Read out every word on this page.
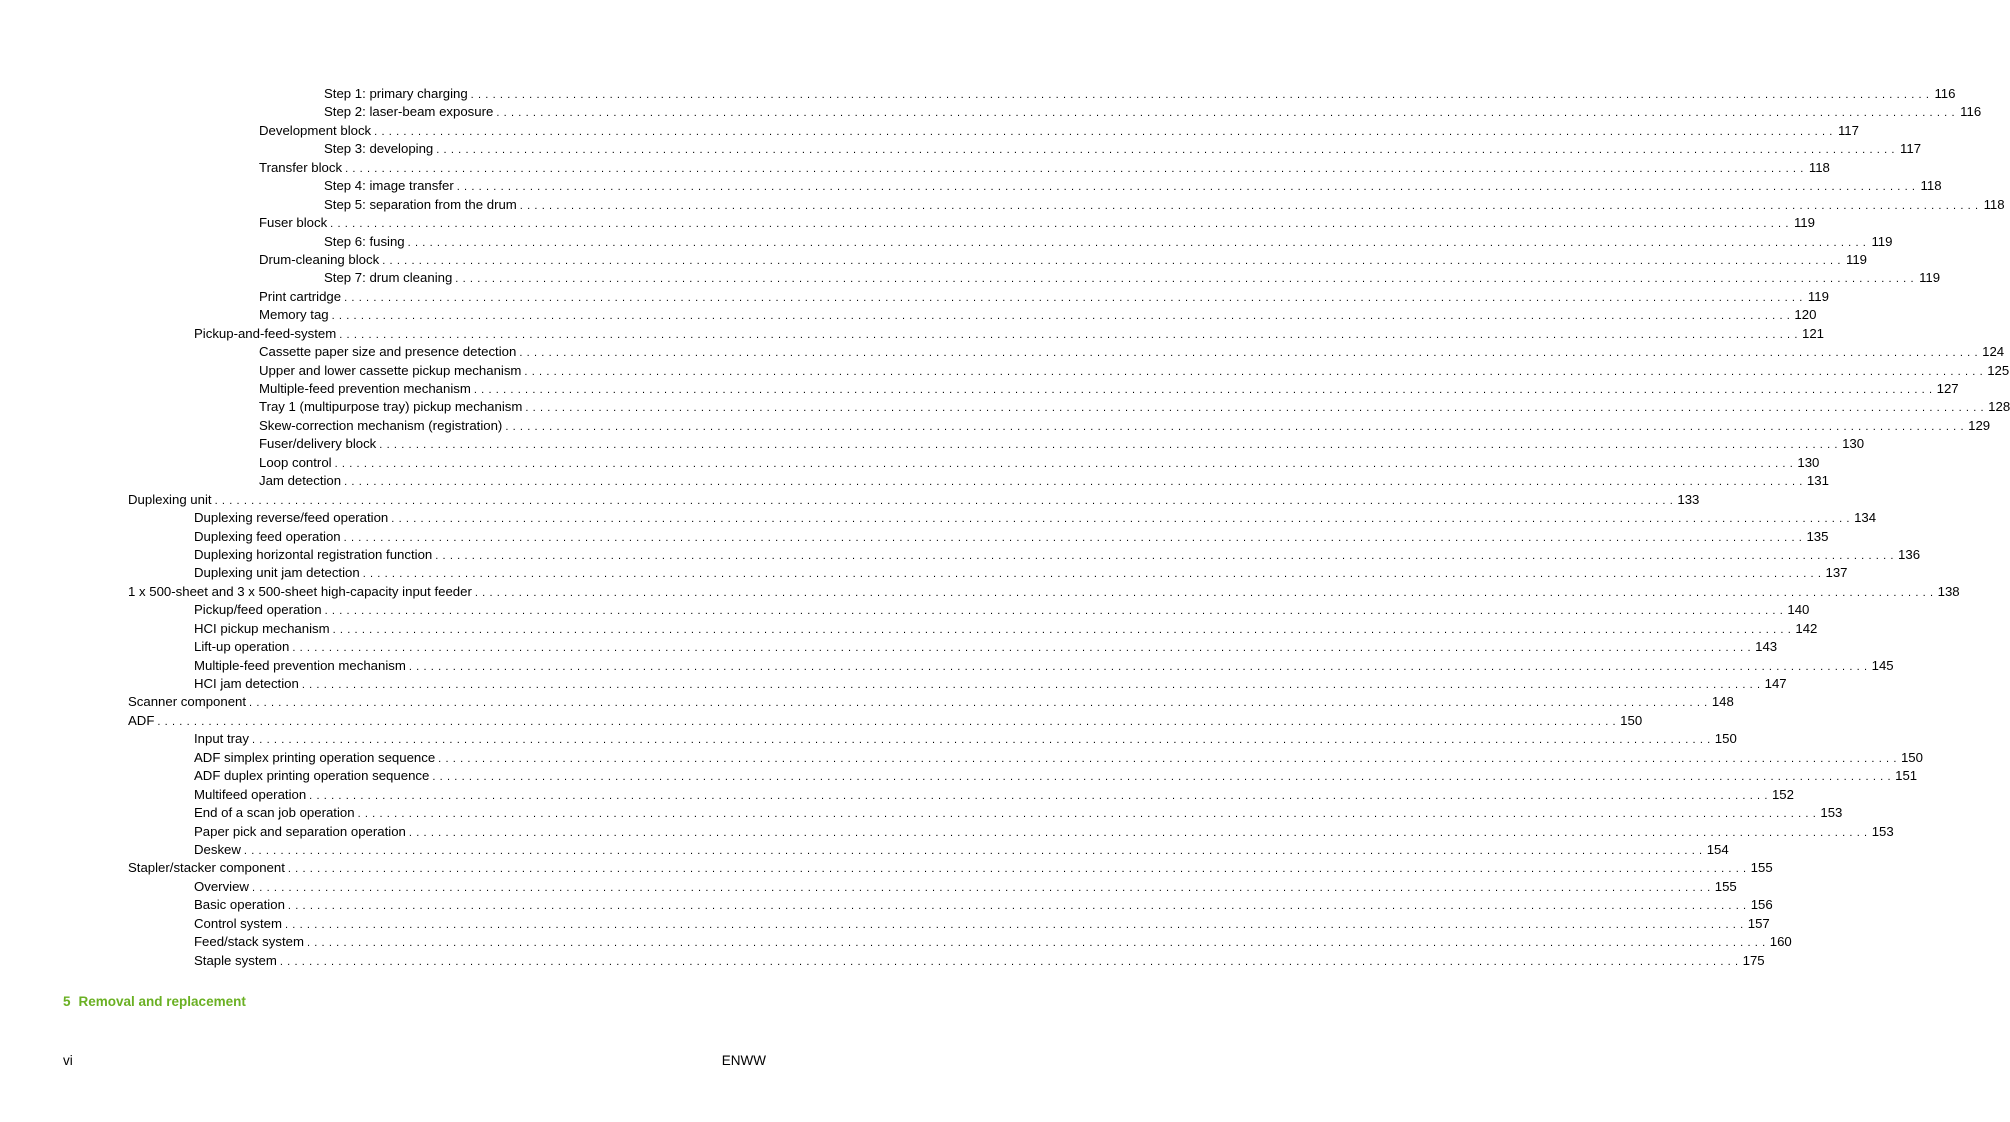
Step 1: primary charging . . . . . . . . . . . . . . . . . . . . . . . . . . . . . . . . . . . . . . . . . . . . . . . . . . . . . . . . . . . . . . . . . . . . . . . . . . . . . . . . . . . . . . . . . . . . . . . . . . . . . . . . . . . . . . . . . . . . . . . . . . . . . . . . . . . . . . . . . . . . . . . . . . . . . . . . . . . . . . . . . . . . . . . . . . . . . . . . . . . . . . . . . . . . . . . . . . . . . . . . 116
Step 2: laser-beam exposure . . . . . . . . . . . . . . . . . . . . . . . . . . . . . . . . . . . . . . . . . . . . . . . . . . . . . . . . . . . . . . . . . . . . . . . . . . . . . . . . . . . . . . . . . . . . . . . . . . . . . . . . . . . . . . . . . . . . . . . . . . . . . . . . . . . . . . . . . . . . . . . . . . . . . . . . . . . . . . . . . . . . . . . . . . . . . . . . . . . . . . . . . . . . . . . . . . . . . . . . 116
Development block . . . . . . . . . . . . . . . . . . . . . . . . . . . . . . . . . . . . . . . . . . . . . . . . . . . . . . . . . . . . . . . . . . . . . . . . . . . . . . . . . . . . . . . . . . . . . . . . . . . . . . . . . . . . . . . . . . . . . . . . . . . . . . . . . . . . . . . . . . . . . . . . . . . . . . . . . . . . . . . . . . . . . . . . . . . . . . . . . . . . . . . . . . . . . . . . . . . . . . . . 117
Step 3: developing . . . . . . . . . . . . . . . . . . . . . . . . . . . . . . . . . . . . . . . . . . . . . . . . . . . . . . . . . . . . . . . . . . . . . . . . . . . . . . . . . . . . . . . . . . . . . . . . . . . . . . . . . . . . . . . . . . . . . . . . . . . . . . . . . . . . . . . . . . . . . . . . . . . . . . . . . . . . . . . . . . . . . . . . . . . . . . . . . . . . . . . . . . . . . . . . . . . . . . . . 117
Transfer block . . . . . . . . . . . . . . . . . . . . . . . . . . . . . . . . . . . . . . . . . . . . . . . . . . . . . . . . . . . . . . . . . . . . . . . . . . . . . . . . . . . . . . . . . . . . . . . . . . . . . . . . . . . . . . . . . . . . . . . . . . . . . . . . . . . . . . . . . . . . . . . . . . . . . . . . . . . . . . . . . . . . . . . . . . . . . . . . . . . . . . . . . . . . . . . . . . . . . . . . 118
Step 4: image transfer . . . . . . . . . . . . . . . . . . . . . . . . . . . . . . . . . . . . . . . . . . . . . . . . . . . . . . . . . . . . . . . . . . . . . . . . . . . . . . . . . . . . . . . . . . . . . . . . . . . . . . . . . . . . . . . . . . . . . . . . . . . . . . . . . . . . . . . . . . . . . . . . . . . . . . . . . . . . . . . . . . . . . . . . . . . . . . . . . . . . . . . . . . . . . . . . . . . . . . . . 118
Step 5: separation from the drum . . . . . . . . . . . . . . . . . . . . . . . . . . . . . . . . . . . . . . . . . . . . . . . . . . . . . . . . . . . . . . . . . . . . . . . . . . . . . . . . . . . . . . . . . . . . . . . . . . . . . . . . . . . . . . . . . . . . . . . . . . . . . . . . . . . . . . . . . . . . . . . . . . . . . . . . . . . . . . . . . . . . . . . . . . . . . . . . . . . . . . . . . . . . . . . . . . . . . . . . 118
Fuser block . . . . . . . . . . . . . . . . . . . . . . . . . . . . . . . . . . . . . . . . . . . . . . . . . . . . . . . . . . . . . . . . . . . . . . . . . . . . . . . . . . . . . . . . . . . . . . . . . . . . . . . . . . . . . . . . . . . . . . . . . . . . . . . . . . . . . . . . . . . . . . . . . . . . . . . . . . . . . . . . . . . . . . . . . . . . . . . . . . . . . . . . . . . . . . . . . . . . . . . . 119
Step 6: fusing . . . . . . . . . . . . . . . . . . . . . . . . . . . . . . . . . . . . . . . . . . . . . . . . . . . . . . . . . . . . . . . . . . . . . . . . . . . . . . . . . . . . . . . . . . . . . . . . . . . . . . . . . . . . . . . . . . . . . . . . . . . . . . . . . . . . . . . . . . . . . . . . . . . . . . . . . . . . . . . . . . . . . . . . . . . . . . . . . . . . . . . . . . . . . . . . . . . . . . . . 119
Drum-cleaning block . . . . . . . . . . . . . . . . . . . . . . . . . . . . . . . . . . . . . . . . . . . . . . . . . . . . . . . . . . . . . . . . . . . . . . . . . . . . . . . . . . . . . . . . . . . . . . . . . . . . . . . . . . . . . . . . . . . . . . . . . . . . . . . . . . . . . . . . . . . . . . . . . . . . . . . . . . . . . . . . . . . . . . . . . . . . . . . . . . . . . . . . . . . . . . . . . . . . . . . . 119
Step 7: drum cleaning . . . . . . . . . . . . . . . . . . . . . . . . . . . . . . . . . . . . . . . . . . . . . . . . . . . . . . . . . . . . . . . . . . . . . . . . . . . . . . . . . . . . . . . . . . . . . . . . . . . . . . . . . . . . . . . . . . . . . . . . . . . . . . . . . . . . . . . . . . . . . . . . . . . . . . . . . . . . . . . . . . . . . . . . . . . . . . . . . . . . . . . . . . . . . . . . . . . . . . . . 119
Print cartridge . . . . . . . . . . . . . . . . . . . . . . . . . . . . . . . . . . . . . . . . . . . . . . . . . . . . . . . . . . . . . . . . . . . . . . . . . . . . . . . . . . . . . . . . . . . . . . . . . . . . . . . . . . . . . . . . . . . . . . . . . . . . . . . . . . . . . . . . . . . . . . . . . . . . . . . . . . . . . . . . . . . . . . . . . . . . . . . . . . . . . . . . . . . . . . . . . . . . . . . . 119
Memory tag . . . . . . . . . . . . . . . . . . . . . . . . . . . . . . . . . . . . . . . . . . . . . . . . . . . . . . . . . . . . . . . . . . . . . . . . . . . . . . . . . . . . . . . . . . . . . . . . . . . . . . . . . . . . . . . . . . . . . . . . . . . . . . . . . . . . . . . . . . . . . . . . . . . . . . . . . . . . . . . . . . . . . . . . . . . . . . . . . . . . . . . . . . . . . . . . . . . . . . . . 120
Pickup-and-feed-system . . . . . . . . . . . . . . . . . . . . . . . . . . . . . . . . . . . . . . . . . . . . . . . . . . . . . . . . . . . . . . . . . . . . . . . . . . . . . . . . . . . . . . . . . . . . . . . . . . . . . . . . . . . . . . . . . . . . . . . . . . . . . . . . . . . . . . . . . . . . . . . . . . . . . . . . . . . . . . . . . . . . . . . . . . . . . . . . . . . . . . . . . . . . . . . . . . . . . . . . 121
Cassette paper size and presence detection . . . . . . . . . . . . . . . . . . . . . . . . . . . . . . . . . . . . . . . . . . . . . . . . . . . . . . . . . . . . . . . . . . . . . . . . . . . . . . . . . . . . . . . . . . . . . . . . . . . . . . . . . . . . . . . . . . . . . . . . . . . . . . . . . . . . . . . . . . . . . . . . . . . . . . . . . . . . . . . . . . . . . . . . . . . . . . . . . . . . . . . . . . . . . . . . . . . . . . . . 124
Upper and lower cassette pickup mechanism . . . . . . . . . . . . . . . . . . . . . . . . . . . . . . . . . . . . . . . . . . . . . . . . . . . . . . . . . . . . . . . . . . . . . . . . . . . . . . . . . . . . . . . . . . . . . . . . . . . . . . . . . . . . . . . . . . . . . . . . . . . . . . . . . . . . . . . . . . . . . . . . . . . . . . . . . . . . . . . . . . . . . . . . . . . . . . . . . . . . . . . . . . . . . . . . . . . . . . . . 125
Multiple-feed prevention mechanism . . . . . . . . . . . . . . . . . . . . . . . . . . . . . . . . . . . . . . . . . . . . . . . . . . . . . . . . . . . . . . . . . . . . . . . . . . . . . . . . . . . . . . . . . . . . . . . . . . . . . . . . . . . . . . . . . . . . . . . . . . . . . . . . . . . . . . . . . . . . . . . . . . . . . . . . . . . . . . . . . . . . . . . . . . . . . . . . . . . . . . . . . . . . . . . . . . . . . . . . 127
Tray 1 (multipurpose tray) pickup mechanism . . . . . . . . . . . . . . . . . . . . . . . . . . . . . . . . . . . . . . . . . . . . . . . . . . . . . . . . . . . . . . . . . . . . . . . . . . . . . . . . . . . . . . . . . . . . . . . . . . . . . . . . . . . . . . . . . . . . . . . . . . . . . . . . . . . . . . . . . . . . . . . . . . . . . . . . . . . . . . . . . . . . . . . . . . . . . . . . . . . . . . . . . . . . . . . . . . . . . . . . 128
Skew-correction mechanism (registration) . . . . . . . . . . . . . . . . . . . . . . . . . . . . . . . . . . . . . . . . . . . . . . . . . . . . . . . . . . . . . . . . . . . . . . . . . . . . . . . . . . . . . . . . . . . . . . . . . . . . . . . . . . . . . . . . . . . . . . . . . . . . . . . . . . . . . . . . . . . . . . . . . . . . . . . . . . . . . . . . . . . . . . . . . . . . . . . . . . . . . . . . . . . . . . . . . . . . . . . . 129
Fuser/delivery block . . . . . . . . . . . . . . . . . . . . . . . . . . . . . . . . . . . . . . . . . . . . . . . . . . . . . . . . . . . . . . . . . . . . . . . . . . . . . . . . . . . . . . . . . . . . . . . . . . . . . . . . . . . . . . . . . . . . . . . . . . . . . . . . . . . . . . . . . . . . . . . . . . . . . . . . . . . . . . . . . . . . . . . . . . . . . . . . . . . . . . . . . . . . . . . . . . . . . . . . 130
Loop control . . . . . . . . . . . . . . . . . . . . . . . . . . . . . . . . . . . . . . . . . . . . . . . . . . . . . . . . . . . . . . . . . . . . . . . . . . . . . . . . . . . . . . . . . . . . . . . . . . . . . . . . . . . . . . . . . . . . . . . . . . . . . . . . . . . . . . . . . . . . . . . . . . . . . . . . . . . . . . . . . . . . . . . . . . . . . . . . . . . . . . . . . . . . . . . . . . . . . . . . 130
Jam detection . . . . . . . . . . . . . . . . . . . . . . . . . . . . . . . . . . . . . . . . . . . . . . . . . . . . . . . . . . . . . . . . . . . . . . . . . . . . . . . . . . . . . . . . . . . . . . . . . . . . . . . . . . . . . . . . . . . . . . . . . . . . . . . . . . . . . . . . . . . . . . . . . . . . . . . . . . . . . . . . . . . . . . . . . . . . . . . . . . . . . . . . . . . . . . . . . . . . . . . . 131
Duplexing unit . . . . . . . . . . . . . . . . . . . . . . . . . . . . . . . . . . . . . . . . . . . . . . . . . . . . . . . . . . . . . . . . . . . . . . . . . . . . . . . . . . . . . . . . . . . . . . . . . . . . . . . . . . . . . . . . . . . . . . . . . . . . . . . . . . . . . . . . . . . . . . . . . . . . . . . . . . . . . . . . . . . . . . . . . . . . . . . . . . . . . . . . . . . . . . . . . . . . . . . . 133
Duplexing reverse/feed operation . . . . . . . . . . . . . . . . . . . . . . . . . . . . . . . . . . . . . . . . . . . . . . . . . . . . . . . . . . . . . . . . . . . . . . . . . . . . . . . . . . . . . . . . . . . . . . . . . . . . . . . . . . . . . . . . . . . . . . . . . . . . . . . . . . . . . . . . . . . . . . . . . . . . . . . . . . . . . . . . . . . . . . . . . . . . . . . . . . . . . . . . . . . . . . . . . . . . . . . . 134
Duplexing feed operation . . . . . . . . . . . . . . . . . . . . . . . . . . . . . . . . . . . . . . . . . . . . . . . . . . . . . . . . . . . . . . . . . . . . . . . . . . . . . . . . . . . . . . . . . . . . . . . . . . . . . . . . . . . . . . . . . . . . . . . . . . . . . . . . . . . . . . . . . . . . . . . . . . . . . . . . . . . . . . . . . . . . . . . . . . . . . . . . . . . . . . . . . . . . . . . . . . . . . . . . 135
Duplexing horizontal registration function . . . . . . . . . . . . . . . . . . . . . . . . . . . . . . . . . . . . . . . . . . . . . . . . . . . . . . . . . . . . . . . . . . . . . . . . . . . . . . . . . . . . . . . . . . . . . . . . . . . . . . . . . . . . . . . . . . . . . . . . . . . . . . . . . . . . . . . . . . . . . . . . . . . . . . . . . . . . . . . . . . . . . . . . . . . . . . . . . . . . . . . . . . . . . . . . . . . . . . . . 136
Duplexing unit jam detection . . . . . . . . . . . . . . . . . . . . . . . . . . . . . . . . . . . . . . . . . . . . . . . . . . . . . . . . . . . . . . . . . . . . . . . . . . . . . . . . . . . . . . . . . . . . . . . . . . . . . . . . . . . . . . . . . . . . . . . . . . . . . . . . . . . . . . . . . . . . . . . . . . . . . . . . . . . . . . . . . . . . . . . . . . . . . . . . . . . . . . . . . . . . . . . . . . . . . . . . 137
1 x 500-sheet and 3 x 500-sheet high-capacity input feeder . . . . . . . . . . . . . . . . . . . . . . . . . . . . . . . . . . . . . . . . . . . . . . . . . . . . . . . . . . . . . . . . . . . . . . . . . . . . . . . . . . . . . . . . . . . . . . . . . . . . . . . . . . . . . . . . . . . . . . . . . . . . . . . . . . . . . . . . . . . . . . . . . . . . . . . . . . . . . . . . . . . . . . . . . . . . . . . . . . . . . . . . . . . . . . . . . . . . . . . . 138
Pickup/feed operation . . . . . . . . . . . . . . . . . . . . . . . . . . . . . . . . . . . . . . . . . . . . . . . . . . . . . . . . . . . . . . . . . . . . . . . . . . . . . . . . . . . . . . . . . . . . . . . . . . . . . . . . . . . . . . . . . . . . . . . . . . . . . . . . . . . . . . . . . . . . . . . . . . . . . . . . . . . . . . . . . . . . . . . . . . . . . . . . . . . . . . . . . . . . . . . . . . . . . . . . 140
HCI pickup mechanism . . . . . . . . . . . . . . . . . . . . . . . . . . . . . . . . . . . . . . . . . . . . . . . . . . . . . . . . . . . . . . . . . . . . . . . . . . . . . . . . . . . . . . . . . . . . . . . . . . . . . . . . . . . . . . . . . . . . . . . . . . . . . . . . . . . . . . . . . . . . . . . . . . . . . . . . . . . . . . . . . . . . . . . . . . . . . . . . . . . . . . . . . . . . . . . . . . . . . . . . 142
Lift-up operation . . . . . . . . . . . . . . . . . . . . . . . . . . . . . . . . . . . . . . . . . . . . . . . . . . . . . . . . . . . . . . . . . . . . . . . . . . . . . . . . . . . . . . . . . . . . . . . . . . . . . . . . . . . . . . . . . . . . . . . . . . . . . . . . . . . . . . . . . . . . . . . . . . . . . . . . . . . . . . . . . . . . . . . . . . . . . . . . . . . . . . . . . . . . . . . . . . . . . . . . 143
Multiple-feed prevention mechanism . . . . . . . . . . . . . . . . . . . . . . . . . . . . . . . . . . . . . . . . . . . . . . . . . . . . . . . . . . . . . . . . . . . . . . . . . . . . . . . . . . . . . . . . . . . . . . . . . . . . . . . . . . . . . . . . . . . . . . . . . . . . . . . . . . . . . . . . . . . . . . . . . . . . . . . . . . . . . . . . . . . . . . . . . . . . . . . . . . . . . . . . . . . . . . . . . . . . . . . . 145
HCI jam detection . . . . . . . . . . . . . . . . . . . . . . . . . . . . . . . . . . . . . . . . . . . . . . . . . . . . . . . . . . . . . . . . . . . . . . . . . . . . . . . . . . . . . . . . . . . . . . . . . . . . . . . . . . . . . . . . . . . . . . . . . . . . . . . . . . . . . . . . . . . . . . . . . . . . . . . . . . . . . . . . . . . . . . . . . . . . . . . . . . . . . . . . . . . . . . . . . . . . . . . . 147
Scanner component . . . . . . . . . . . . . . . . . . . . . . . . . . . . . . . . . . . . . . . . . . . . . . . . . . . . . . . . . . . . . . . . . . . . . . . . . . . . . . . . . . . . . . . . . . . . . . . . . . . . . . . . . . . . . . . . . . . . . . . . . . . . . . . . . . . . . . . . . . . . . . . . . . . . . . . . . . . . . . . . . . . . . . . . . . . . . . . . . . . . . . . . . . . . . . . . . . . . . . . . 148
ADF . . . . . . . . . . . . . . . . . . . . . . . . . . . . . . . . . . . . . . . . . . . . . . . . . . . . . . . . . . . . . . . . . . . . . . . . . . . . . . . . . . . . . . . . . . . . . . . . . . . . . . . . . . . . . . . . . . . . . . . . . . . . . . . . . . . . . . . . . . . . . . . . . . . . . . . . . . . . . . . . . . . . . . . . . . . . . . . . . . . . . . . . . . . . . . . . . . . . . . . . 150
Input tray . . . . . . . . . . . . . . . . . . . . . . . . . . . . . . . . . . . . . . . . . . . . . . . . . . . . . . . . . . . . . . . . . . . . . . . . . . . . . . . . . . . . . . . . . . . . . . . . . . . . . . . . . . . . . . . . . . . . . . . . . . . . . . . . . . . . . . . . . . . . . . . . . . . . . . . . . . . . . . . . . . . . . . . . . . . . . . . . . . . . . . . . . . . . . . . . . . . . . . . . 150
ADF simplex printing operation sequence . . . . . . . . . . . . . . . . . . . . . . . . . . . . . . . . . . . . . . . . . . . . . . . . . . . . . . . . . . . . . . . . . . . . . . . . . . . . . . . . . . . . . . . . . . . . . . . . . . . . . . . . . . . . . . . . . . . . . . . . . . . . . . . . . . . . . . . . . . . . . . . . . . . . . . . . . . . . . . . . . . . . . . . . . . . . . . . . . . . . . . . . . . . . . . . . . . . . . . . . 150
ADF duplex printing operation sequence . . . . . . . . . . . . . . . . . . . . . . . . . . . . . . . . . . . . . . . . . . . . . . . . . . . . . . . . . . . . . . . . . . . . . . . . . . . . . . . . . . . . . . . . . . . . . . . . . . . . . . . . . . . . . . . . . . . . . . . . . . . . . . . . . . . . . . . . . . . . . . . . . . . . . . . . . . . . . . . . . . . . . . . . . . . . . . . . . . . . . . . . . . . . . . . . . . . . . . . . 151
Multifeed operation . . . . . . . . . . . . . . . . . . . . . . . . . . . . . . . . . . . . . . . . . . . . . . . . . . . . . . . . . . . . . . . . . . . . . . . . . . . . . . . . . . . . . . . . . . . . . . . . . . . . . . . . . . . . . . . . . . . . . . . . . . . . . . . . . . . . . . . . . . . . . . . . . . . . . . . . . . . . . . . . . . . . . . . . . . . . . . . . . . . . . . . . . . . . . . . . . . . . . . . . 152
End of a scan job operation . . . . . . . . . . . . . . . . . . . . . . . . . . . . . . . . . . . . . . . . . . . . . . . . . . . . . . . . . . . . . . . . . . . . . . . . . . . . . . . . . . . . . . . . . . . . . . . . . . . . . . . . . . . . . . . . . . . . . . . . . . . . . . . . . . . . . . . . . . . . . . . . . . . . . . . . . . . . . . . . . . . . . . . . . . . . . . . . . . . . . . . . . . . . . . . . . . . . . . . . 153
Paper pick and separation operation . . . . . . . . . . . . . . . . . . . . . . . . . . . . . . . . . . . . . . . . . . . . . . . . . . . . . . . . . . . . . . . . . . . . . . . . . . . . . . . . . . . . . . . . . . . . . . . . . . . . . . . . . . . . . . . . . . . . . . . . . . . . . . . . . . . . . . . . . . . . . . . . . . . . . . . . . . . . . . . . . . . . . . . . . . . . . . . . . . . . . . . . . . . . . . . . . . . . . . . . 153
Deskew . . . . . . . . . . . . . . . . . . . . . . . . . . . . . . . . . . . . . . . . . . . . . . . . . . . . . . . . . . . . . . . . . . . . . . . . . . . . . . . . . . . . . . . . . . . . . . . . . . . . . . . . . . . . . . . . . . . . . . . . . . . . . . . . . . . . . . . . . . . . . . . . . . . . . . . . . . . . . . . . . . . . . . . . . . . . . . . . . . . . . . . . . . . . . . . . . . . . . . . . 154
Stapler/stacker component . . . . . . . . . . . . . . . . . . . . . . . . . . . . . . . . . . . . . . . . . . . . . . . . . . . . . . . . . . . . . . . . . . . . . . . . . . . . . . . . . . . . . . . . . . . . . . . . . . . . . . . . . . . . . . . . . . . . . . . . . . . . . . . . . . . . . . . . . . . . . . . . . . . . . . . . . . . . . . . . . . . . . . . . . . . . . . . . . . . . . . . . . . . . . . . . . . . . . . . . 155
Overview . . . . . . . . . . . . . . . . . . . . . . . . . . . . . . . . . . . . . . . . . . . . . . . . . . . . . . . . . . . . . . . . . . . . . . . . . . . . . . . . . . . . . . . . . . . . . . . . . . . . . . . . . . . . . . . . . . . . . . . . . . . . . . . . . . . . . . . . . . . . . . . . . . . . . . . . . . . . . . . . . . . . . . . . . . . . . . . . . . . . . . . . . . . . . . . . . . . . . . . . 155
Basic operation . . . . . . . . . . . . . . . . . . . . . . . . . . . . . . . . . . . . . . . . . . . . . . . . . . . . . . . . . . . . . . . . . . . . . . . . . . . . . . . . . . . . . . . . . . . . . . . . . . . . . . . . . . . . . . . . . . . . . . . . . . . . . . . . . . . . . . . . . . . . . . . . . . . . . . . . . . . . . . . . . . . . . . . . . . . . . . . . . . . . . . . . . . . . . . . . . . . . . . . . 156
Control system . . . . . . . . . . . . . . . . . . . . . . . . . . . . . . . . . . . . . . . . . . . . . . . . . . . . . . . . . . . . . . . . . . . . . . . . . . . . . . . . . . . . . . . . . . . . . . . . . . . . . . . . . . . . . . . . . . . . . . . . . . . . . . . . . . . . . . . . . . . . . . . . . . . . . . . . . . . . . . . . . . . . . . . . . . . . . . . . . . . . . . . . . . . . . . . . . . . . . . . . 157
Feed/stack system . . . . . . . . . . . . . . . . . . . . . . . . . . . . . . . . . . . . . . . . . . . . . . . . . . . . . . . . . . . . . . . . . . . . . . . . . . . . . . . . . . . . . . . . . . . . . . . . . . . . . . . . . . . . . . . . . . . . . . . . . . . . . . . . . . . . . . . . . . . . . . . . . . . . . . . . . . . . . . . . . . . . . . . . . . . . . . . . . . . . . . . . . . . . . . . . . . . . . . . . 160
Staple system . . . . . . . . . . . . . . . . . . . . . . . . . . . . . . . . . . . . . . . . . . . . . . . . . . . . . . . . . . . . . . . . . . . . . . . . . . . . . . . . . . . . . . . . . . . . . . . . . . . . . . . . . . . . . . . . . . . . . . . . . . . . . . . . . . . . . . . . . . . . . . . . . . . . . . . . . . . . . . . . . . . . . . . . . . . . . . . . . . . . . . . . . . . . . . . . . . . . . . . . 175
5 Removal and replacement
vi	ENWW
